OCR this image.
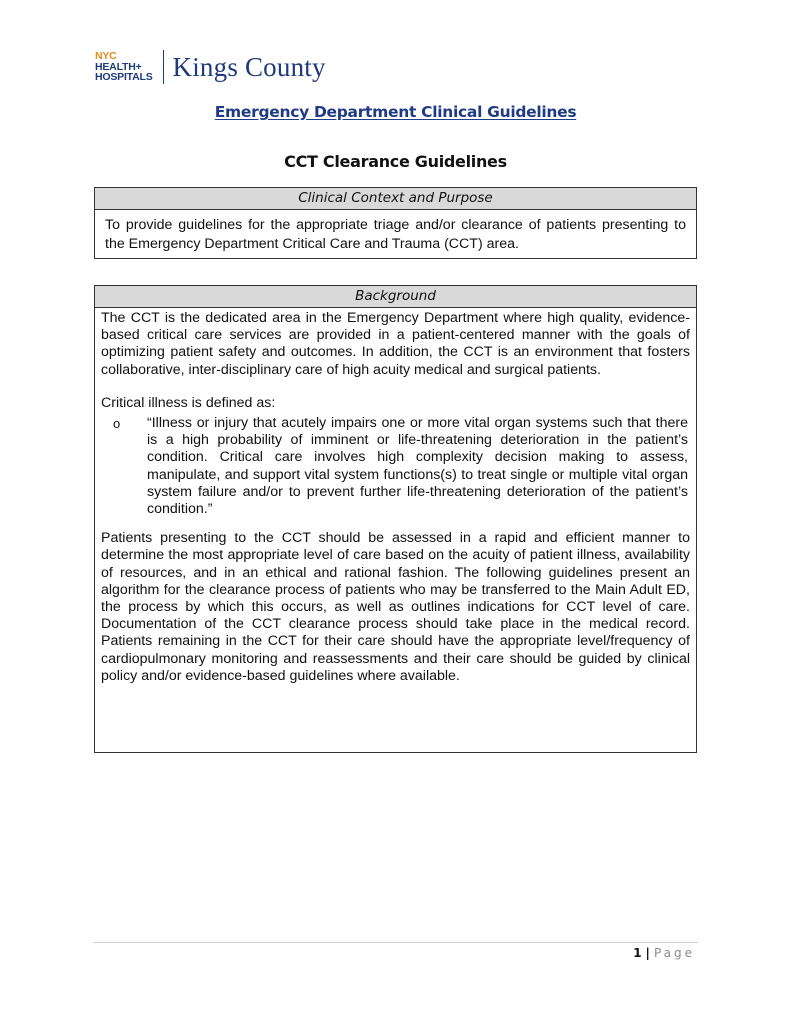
NYC
HEALTH+
HOSPITALS Kings County
Emergency Department Clinical Guidelines
CCT Clearance Guidelines
Clinical Context and Purpose
To provide guidelines for the appropriate triage and/or clearance of patients presenting to the Emergency Department Critical Care and Trauma (CCT) area.
Background

The CCT is the dedicated area in the Emergency Department where high quality, evidence-based critical care services are provided in a patient-centered manner with the goals of optimizing patient safety and outcomes. In addition, the CCT is an environment that fosters collaborative, inter-disciplinary care of high acuity medical and surgical patients.

Critical illness is defined as:

o	“Illness or injury that acutely impairs one or more vital organ systems such that there is a high probability of imminent or life-threatening deterioration in the patient’s condition. Critical care involves high complexity decision making to assess, manipulate, and support vital system functions(s) to treat single or multiple vital organ system failure and/or to prevent further life-threatening deterioration of the patient’s condition.”

Patients presenting to the CCT should be assessed in a rapid and efficient manner to determine the most appropriate level of care based on the acuity of patient illness, availability of resources, and in an ethical and rational fashion. The following guidelines present an algorithm for the clearance process of patients who may be transferred to the Main Adult ED, the process by which this occurs, as well as outlines indications for CCT level of care. Documentation of the CCT clearance process should take place in the medical record. Patients remaining in the CCT for their care should have the appropriate level/frequency of cardiopulmonary monitoring and reassessments and their care should be guided by clinical policy and/or evidence-based guidelines where available.

1 | Page
